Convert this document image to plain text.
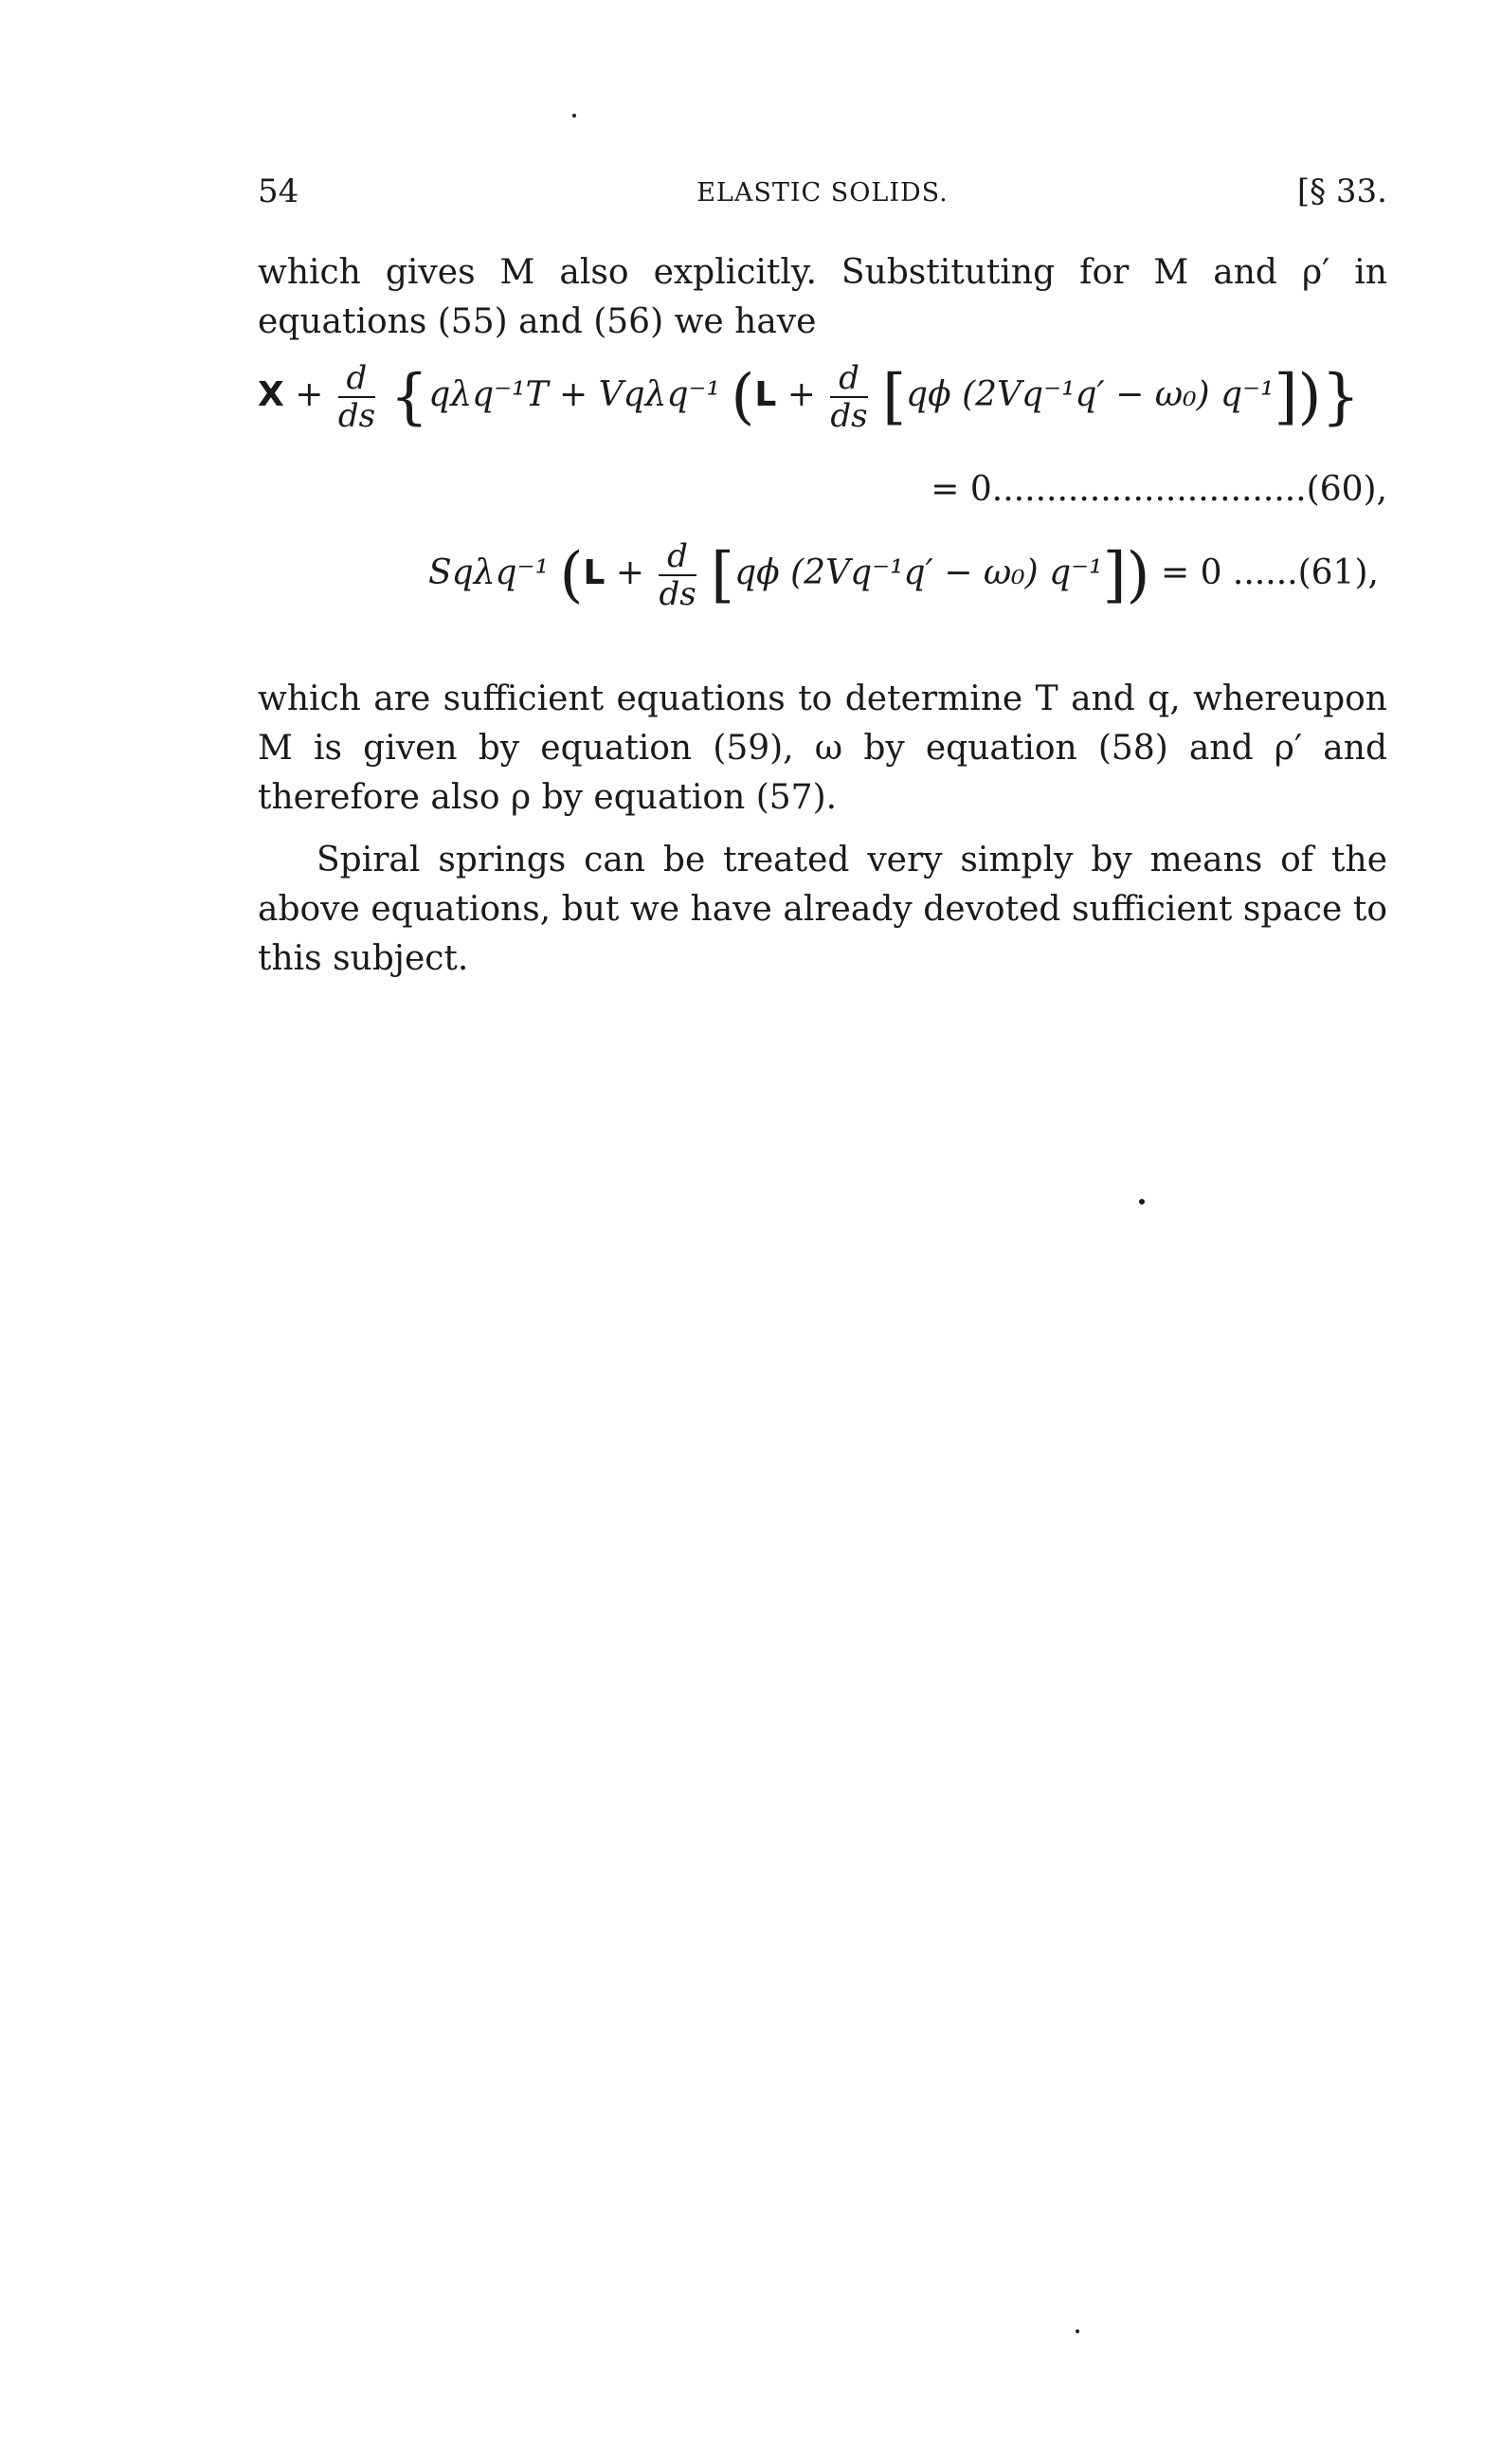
54	ELASTIC SOLIDS.	[§ 33.
which gives M also explicitly. Substituting for M and ρ′ in equations (55) and (56) we have
$X + \frac{d}{ds} \{q\lambda q^{-1}T + Vq\lambda q^{-1}$ ($L + \frac{d}{ds} [q\phi$ (2Vq⁻¹q′ − ω₀) q⁻¹])}
= 0.............................(60),
Sqλq⁻¹ ($L + \frac{d}{ds} [q\phi$ (2Vq⁻¹q′ − ω₀) q⁻¹]) = 0 ......(61),
which are sufficient equations to determine T and q, whereupon M is given by equation (59), ω by equation (58) and ρ′ and therefore also ρ by equation (57).
Spiral springs can be treated very simply by means of the above equations, but we have already devoted sufficient space to this subject.
